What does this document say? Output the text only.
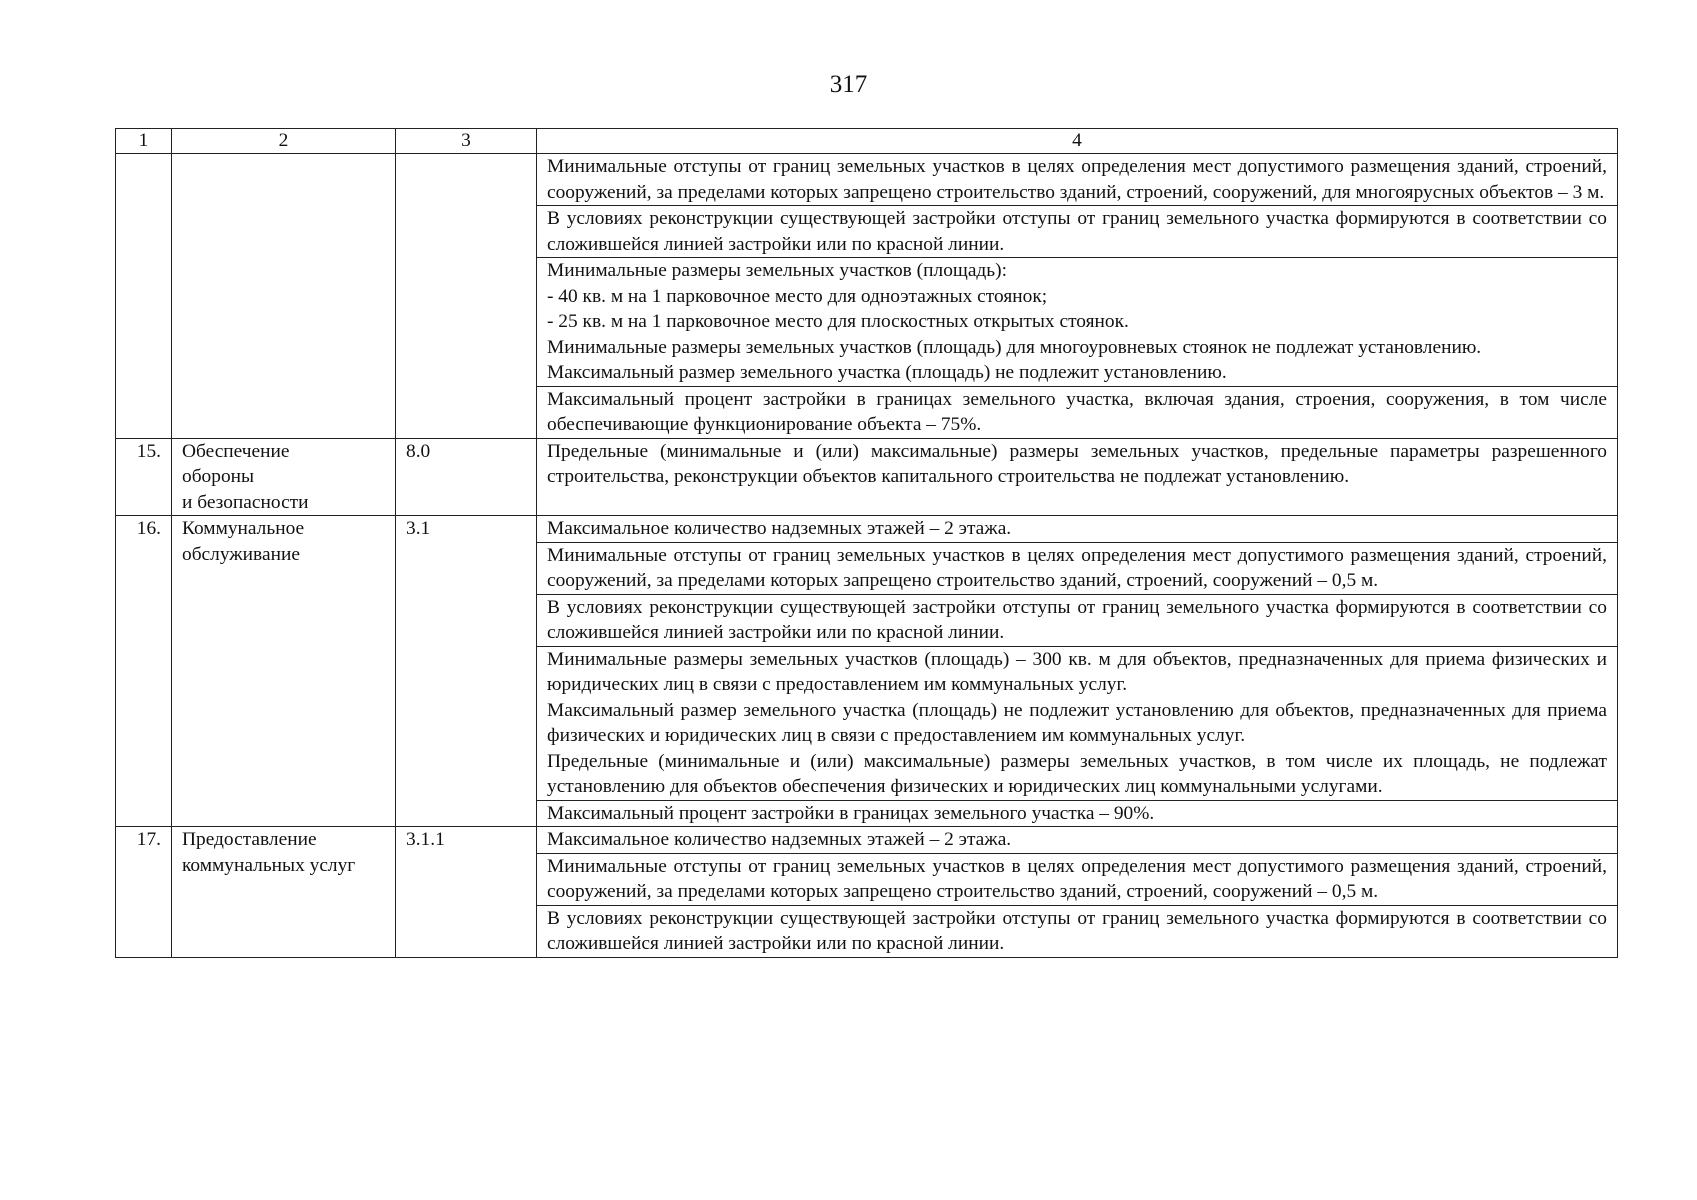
317
1	2	3	4

			Минимальные отступы от границ земельных участков в целях определения мест допустимого размещения зданий, строений, сооружений, за пределами которых запрещено строительство зданий, строений, сооружений, для многоярусных объектов – 3 м.

			В условиях реконструкции существующей застройки отступы от границ земельного участка формируются в соответствии со сложившейся линией застройки или по красной линии.

			Минимальные размеры земельных участков (площадь):
- 40 кв. м на 1 парковочное место для одноэтажных стоянок;
- 25 кв. м на 1 парковочное место для плоскостных открытых стоянок.
Минимальные размеры земельных участков (площадь) для многоуровневых стоянок не подлежат установлению.
Максимальный размер земельного участка (площадь) не подлежит установлению.

			Максимальный процент застройки в границах земельного участка, включая здания, строения, сооружения, в том числе обеспечивающие функционирование объекта – 75%.

15.	Обеспечение
обороны
и безопасности	8.0	Предельные (минимальные и (или) максимальные) размеры земельных участков, предельные параметры разрешенного строительства, реконструкции объектов капитального строительства не подлежат установлению.

16.	Коммунальное
обслуживание	3.1	Максимальное количество надземных этажей – 2 этажа.

			Минимальные отступы от границ земельных участков в целях определения мест допустимого размещения зданий, строений, сооружений, за пределами которых запрещено строительство зданий, строений, сооружений – 0,5 м.

			В условиях реконструкции существующей застройки отступы от границ земельного участка формируются в соответствии со сложившейся линией застройки или по красной линии.

			Минимальные размеры земельных участков (площадь) – 300 кв. м для объектов, предназначенных для приема физических и юридических лиц в связи с предоставлением им коммунальных услуг.
Максимальный размер земельного участка (площадь) не подлежит установлению для объектов, предназначенных для приема физических и юридических лиц в связи с предоставлением им коммунальных услуг.
Предельные (минимальные и (или) максимальные) размеры земельных участков, в том числе их площадь, не подлежат установлению для объектов обеспечения физических и юридических лиц коммунальными услугами.

			Максимальный процент застройки в границах земельного участка – 90%.

17.	Предоставление
коммунальных услуг	3.1.1	Максимальное количество надземных этажей – 2 этажа.

			Минимальные отступы от границ земельных участков в целях определения мест допустимого размещения зданий, строений, сооружений, за пределами которых запрещено строительство зданий, строений, сооружений – 0,5 м.

			В условиях реконструкции существующей застройки отступы от границ земельного участка формируются в соответствии со сложившейся линией застройки или по красной линии.
